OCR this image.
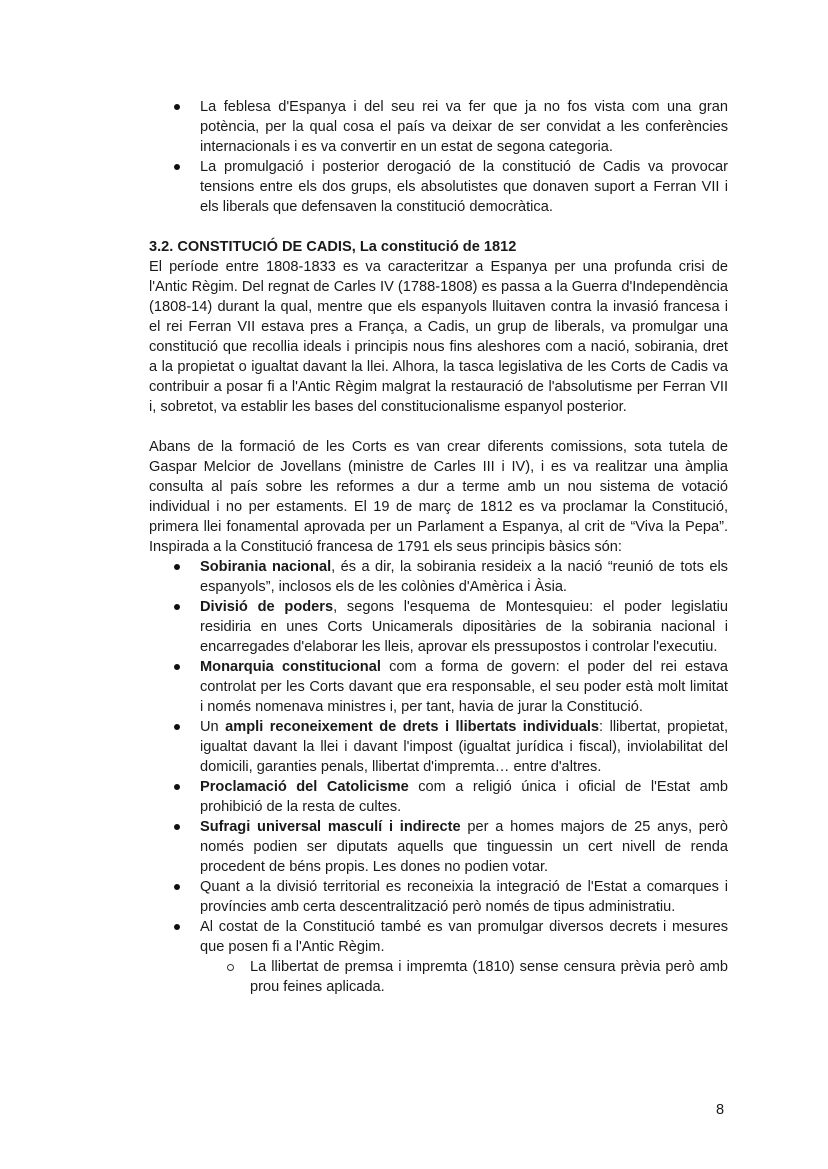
La feblesa d'Espanya i del seu rei va fer que ja no fos vista com una gran potència, per la qual cosa el país va deixar de ser convidat a les conferències internacionals i es va convertir en un estat de segona categoria.
La promulgació i posterior derogació de la constitució de Cadis va provocar tensions entre els dos grups, els absolutistes que donaven suport a Ferran VII i els liberals que defensaven la constitució democràtica.
3.2. CONSTITUCIÓ DE CADIS, La constitució de 1812

El període entre 1808-1833 es va caracteritzar a Espanya per una profunda crisi de l'Antic Règim. Del regnat de Carles IV (1788-1808) es passa a la Guerra d'Independència (1808-14) durant la qual, mentre que els espanyols lluitaven contra la invasió francesa i el rei Ferran VII estava pres a França, a Cadis, un grup de liberals, va promulgar una constitució que recollia ideals i principis nous fins aleshores com a nació, sobirania, dret a la propietat o igualtat davant la llei. Alhora, la tasca legislativa de les Corts de Cadis va contribuir a posar fi a l'Antic Règim malgrat la restauració de l'absolutisme per Ferran VII i, sobretot, va establir les bases del constitucionalisme espanyol posterior.

Abans de la formació de les Corts es van crear diferents comissions, sota tutela de Gaspar Melcior de Jovellans (ministre de Carles III i IV), i es va realitzar una àmplia consulta al país sobre les reformes a dur a terme amb un nou sistema de votació individual i no per estaments. El 19 de març de 1812 es va proclamar la Constitució, primera llei fonamental aprovada per un Parlament a Espanya, al crit de “Viva la Pepa”. Inspirada a la Constitució francesa de 1791 els seus principis bàsics són:

Sobirania nacional, és a dir, la sobirania resideix a la nació “reunió de tots els espanyols”, inclosos els de les colònies d'Amèrica i Àsia.
Divisió de poders, segons l'esquema de Montesquieu: el poder legislatiu residiria en unes Corts Unicamerals dipositàries de la sobirania nacional i encarregades d'elaborar les lleis, aprovar els pressupostos i controlar l'executiu.
Monarquia constitucional com a forma de govern: el poder del rei estava controlat per les Corts davant que era responsable, el seu poder està molt limitat i només nomenava ministres i, per tant, havia de jurar la Constitució.
Un ampli reconeixement de drets i llibertats individuals: llibertat, propietat, igualtat davant la llei i davant l'impost (igualtat jurídica i fiscal), inviolabilitat del domicili, garanties penals, llibertat d'impremta… entre d'altres.
Proclamació del Catolicisme com a religió única i oficial de l'Estat amb prohibició de la resta de cultes.
Sufragi universal masculí i indirecte per a homes majors de 25 anys, però només podien ser diputats aquells que tinguessin un cert nivell de renda procedent de béns propis. Les dones no podien votar.
Quant a la divisió territorial es reconeixia la integració de l'Estat a comarques i províncies amb certa descentralització però només de tipus administratiu.
Al costat de la Constitució també es van promulgar diversos decrets i mesures que posen fi a l'Antic Règim.
La llibertat de premsa i impremta (1810) sense censura prèvia però amb prou feines aplicada.
8
